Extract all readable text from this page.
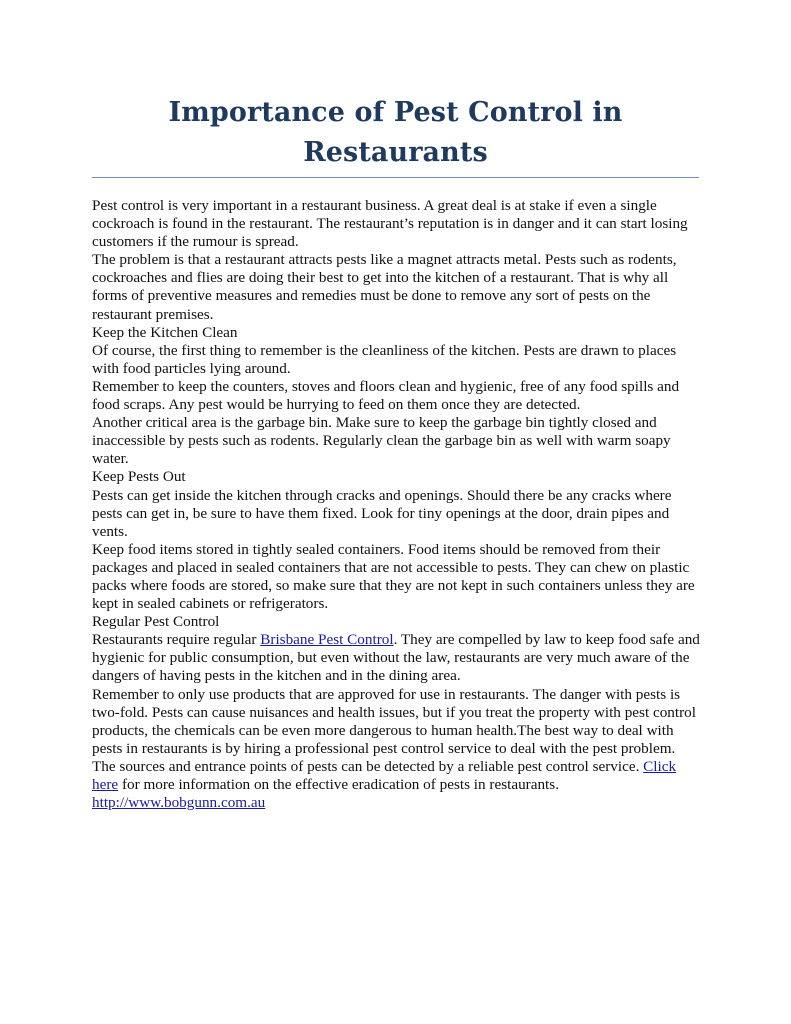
Importance of Pest Control in Restaurants

Pest control is very important in a restaurant business. A great deal is at stake if even a single cockroach is found in the restaurant. The restaurant’s reputation is in danger and it can start losing customers if the rumour is spread.

The problem is that a restaurant attracts pests like a magnet attracts metal. Pests such as rodents, cockroaches and flies are doing their best to get into the kitchen of a restaurant. That is why all forms of preventive measures and remedies must be done to remove any sort of pests on the restaurant premises.

Keep the Kitchen Clean

Of course, the first thing to remember is the cleanliness of the kitchen. Pests are drawn to places with food particles lying around.

Remember to keep the counters, stoves and floors clean and hygienic, free of any food spills and food scraps. Any pest would be hurrying to feed on them once they are detected.

Another critical area is the garbage bin. Make sure to keep the garbage bin tightly closed and inaccessible by pests such as rodents. Regularly clean the garbage bin as well with warm soapy water.

Keep Pests Out

Pests can get inside the kitchen through cracks and openings. Should there be any cracks where pests can get in, be sure to have them fixed. Look for tiny openings at the door, drain pipes and vents.

Keep food items stored in tightly sealed containers. Food items should be removed from their packages and placed in sealed containers that are not accessible to pests. They can chew on plastic packs where foods are stored, so make sure that they are not kept in such containers unless they are kept in sealed cabinets or refrigerators.

Regular Pest Control

Restaurants require regular Brisbane Pest Control. They are compelled by law to keep food safe and hygienic for public consumption, but even without the law, restaurants are very much aware of the dangers of having pests in the kitchen and in the dining area.

Remember to only use products that are approved for use in restaurants. The danger with pests is two-fold. Pests can cause nuisances and health issues, but if you treat the property with pest control products, the chemicals can be even more dangerous to human health.The best way to deal with pests in restaurants is by hiring a professional pest control service to deal with the pest problem. The sources and entrance points of pests can be detected by a reliable pest control service. Click here for more information on the effective eradication of pests in restaurants.

http://www.bobgunn.com.au
